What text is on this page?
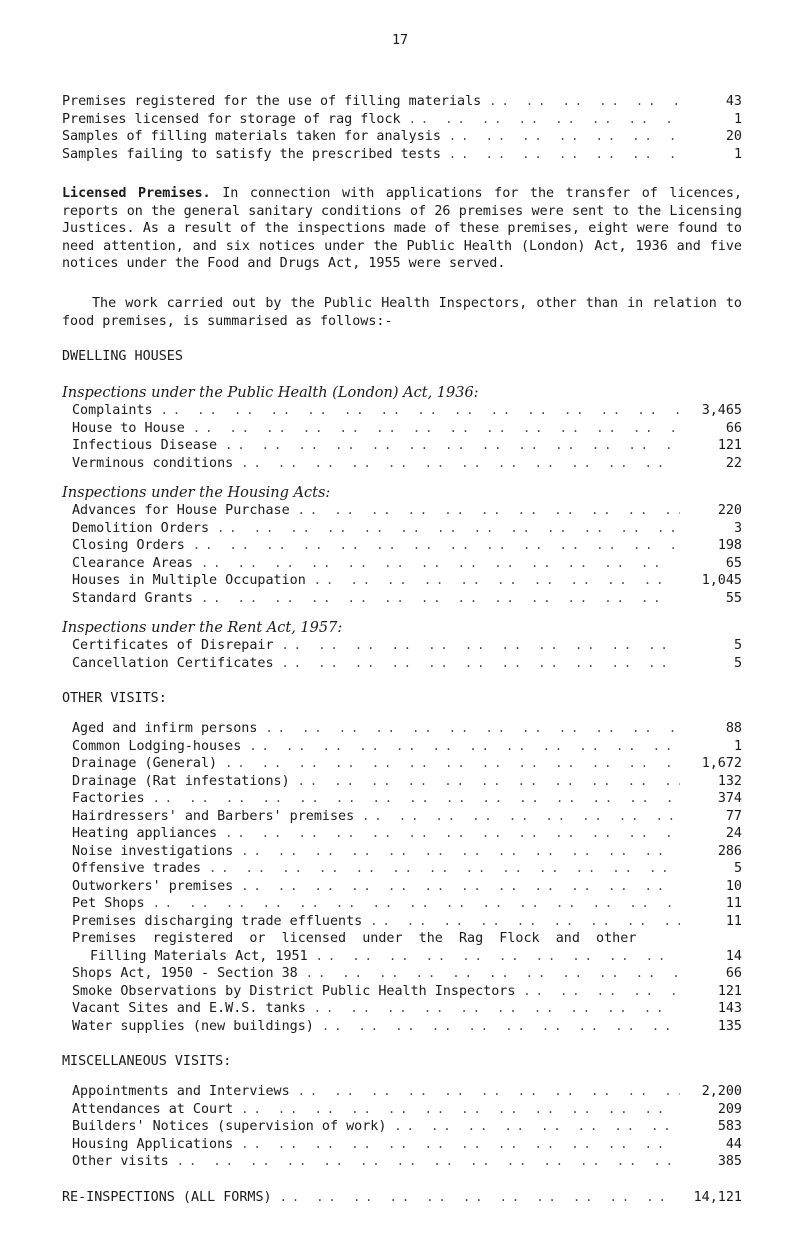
17
Premises registered for the use of filling materials .. ..	43
Premises licensed for storage of rag flock .. ..	1
Samples of filling materials taken for analysis .. ..	20
Samples failing to satisfy the prescribed tests .. ..	1

Licensed Premises. In connection with applications for the transfer of licences, reports on the general sanitary conditions of 26 premises were sent to the Licensing Justices. As a result of the inspections made of these premises, eight were found to need attention, and six notices under the Public Health (London) Act, 1936 and five notices under the Food and Drugs Act, 1955 were served.

The work carried out by the Public Health Inspectors, other than in relation to food premises, is summarised as follows:-

DWELLING HOUSES

Inspections under the Public Health (London) Act, 1936:

Complaints .. ..	3,465
House to House .. ..	66
Infectious Disease .. ..	121
Verminous conditions .. ..	22

Inspections under the Housing Acts:

Advances for House Purchase .. ..	220
Demolition Orders .. ..	3
Closing Orders .. ..	198
Clearance Areas .. ..	65
Houses in Multiple Occupation .. ..	1,045
Standard Grants .. ..	55

Inspections under the Rent Act, 1957:

Certificates of Disrepair .. ..	5
Cancellation Certificates .. ..	5

OTHER VISITS:

Aged and infirm persons .. ..	88
Common Lodging-houses .. ..	1
Drainage (General) .. ..	1,672
Drainage (Rat infestations) .. ..	132
Factories .. ..	374
Hairdressers' and Barbers' premises .. ..	77
Heating appliances .. ..	24
Noise investigations .. ..	286
Offensive trades .. ..	5
Outworkers' premises .. ..	10
Pet Shops .. ..	11
Premises discharging trade effluents .. ..	11
Premises  registered  or  licensed  under  the  Rag  Flock  and  other
Filling Materials Act, 1951 .. ..	14
Shops Act, 1950 - Section 38 .. ..	66
Smoke Observations by District Public Health Inspectors .. ..	121
Vacant Sites and E.W.S. tanks .. ..	143
Water supplies (new buildings) .. ..	135

MISCELLANEOUS VISITS:

Appointments and Interviews .. ..	2,200
Attendances at Court .. ..	209
Builders' Notices (supervision of work) .. ..	583
Housing Applications .. ..	44
Other visits .. ..	385
RE-INSPECTIONS (ALL FORMS) .. ..	14,121
